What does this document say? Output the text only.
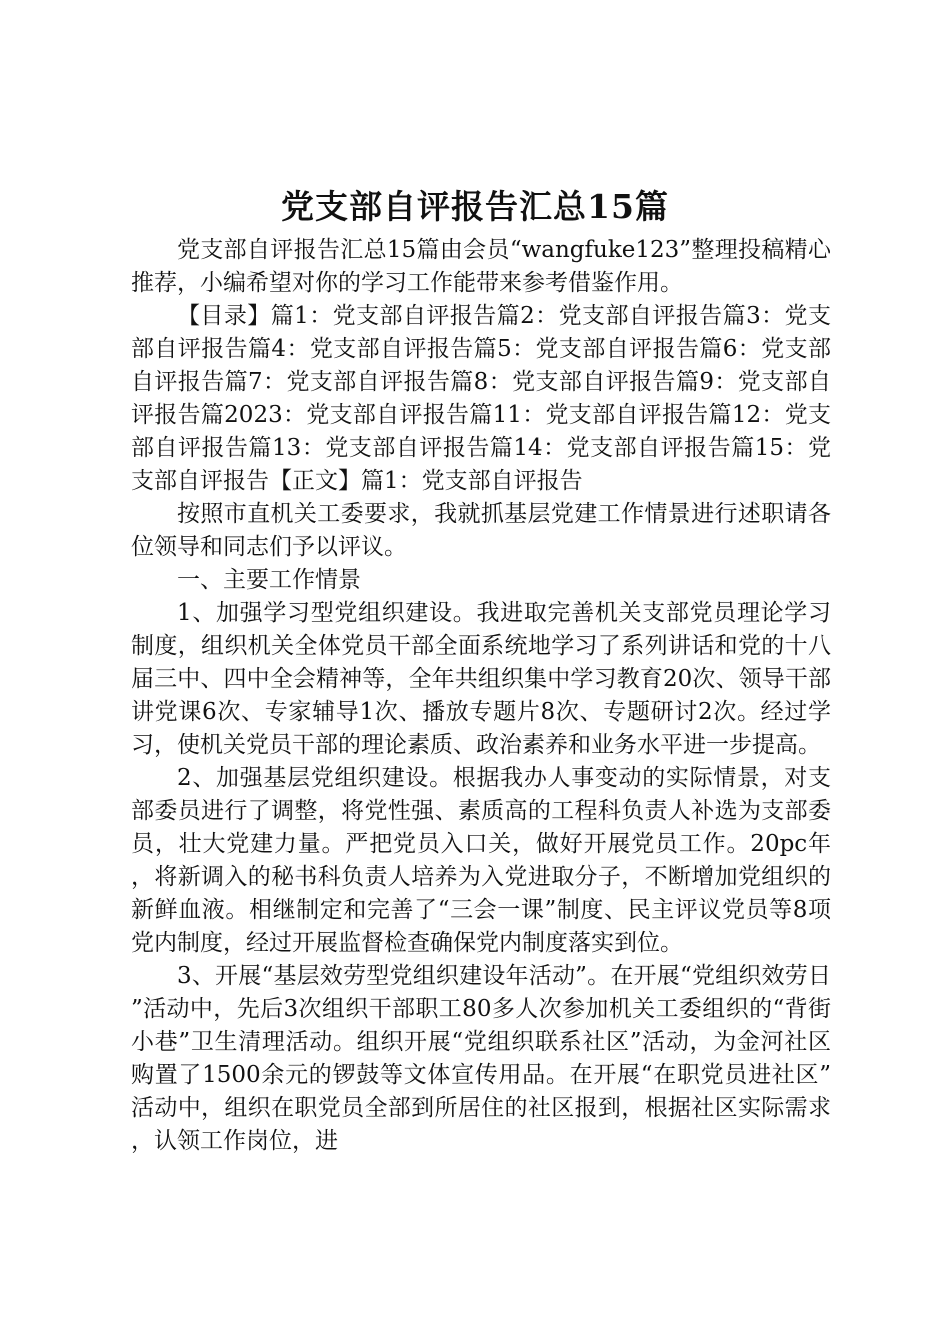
党支部自评报告汇总15篇

党支部自评报告汇总15篇由会员“wangfuke123”整理投稿精心推荐，小编希望对你的学习工作能带来参考借鉴作用。

【目录】篇1：党支部自评报告篇2：党支部自评报告篇3：党支部自评报告篇4：党支部自评报告篇5：党支部自评报告篇6：党支部自评报告篇7：党支部自评报告篇8：党支部自评报告篇9：党支部自评报告篇2023：党支部自评报告篇11：党支部自评报告篇12：党支部自评报告篇13：党支部自评报告篇14：党支部自评报告篇15：党支部自评报告【正文】篇1：党支部自评报告

按照市直机关工委要求，我就抓基层党建工作情景进行述职请各位领导和同志们予以评议。

一、主要工作情景

1、加强学习型党组织建设。我进取完善机关支部党员理论学习制度，组织机关全体党员干部全面系统地学习了系列讲话和党的十八届三中、四中全会精神等，全年共组织集中学习教育20次、领导干部讲党课6次、专家辅导1次、播放专题片8次、专题研讨2次。经过学习，使机关党员干部的理论素质、政治素养和业务水平进一步提高。

2、加强基层党组织建设。根据我办人事变动的实际情景，对支部委员进行了调整，将党性强、素质高的工程科负责人补选为支部委员，壮大党建力量。严把党员入口关，做好开展党员工作。20pc年，将新调入的秘书科负责人培养为入党进取分子，不断增加党组织的新鲜血液。相继制定和完善了“三会一课”制度、民主评议党员等8项党内制度，经过开展监督检查确保党内制度落实到位。

3、开展“基层效劳型党组织建设年活动”。在开展“党组织效劳日”活动中，先后3次组织干部职工80多人次参加机关工委组织的“背街小巷”卫生清理活动。组织开展“党组织联系社区”活动，为金河社区购置了1500余元的锣鼓等文体宣传用品。在开展“在职党员进社区”活动中，组织在职党员全部到所居住的社区报到，根据社区实际需求，认领工作岗位，进
